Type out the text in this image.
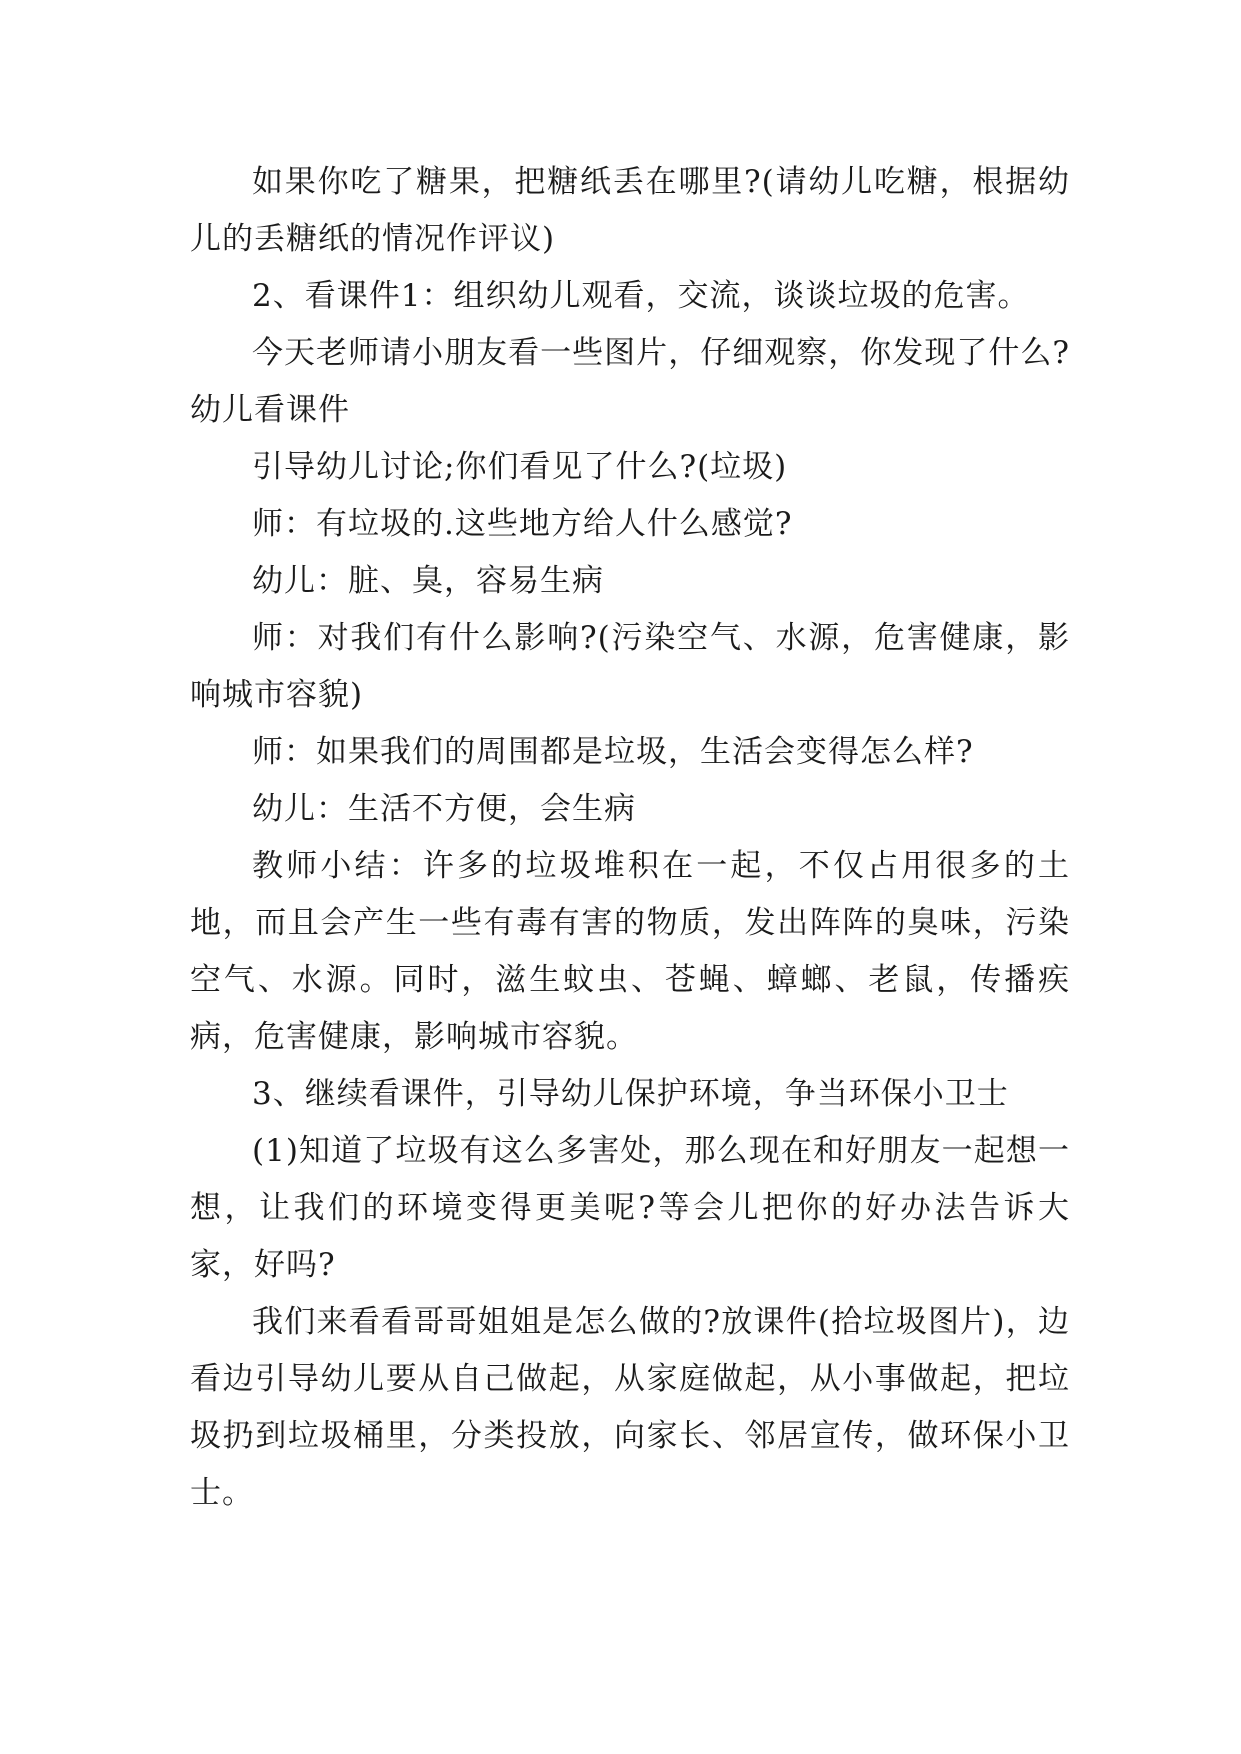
如果你吃了糖果，把糖纸丢在哪里?(请幼儿吃糖，根据幼儿的丢糖纸的情况作评议)

2、看课件1：组织幼儿观看，交流，谈谈垃圾的危害。

今天老师请小朋友看一些图片，仔细观察，你发现了什么?幼儿看课件

引导幼儿讨论;你们看见了什么?(垃圾)

师：有垃圾的.这些地方给人什么感觉?

幼儿：脏、臭，容易生病

师：对我们有什么影响?(污染空气、水源，危害健康，影响城市容貌)

师：如果我们的周围都是垃圾，生活会变得怎么样?

幼儿：生活不方便，会生病

教师小结：许多的垃圾堆积在一起，不仅占用很多的土地，而且会产生一些有毒有害的物质，发出阵阵的臭味，污染空气、水源。同时，滋生蚊虫、苍蝇、蟑螂、老鼠，传播疾病，危害健康，影响城市容貌。

3、继续看课件，引导幼儿保护环境，争当环保小卫士

(1)知道了垃圾有这么多害处，那么现在和好朋友一起想一想，让我们的环境变得更美呢?等会儿把你的好办法告诉大家，好吗?

我们来看看哥哥姐姐是怎么做的?放课件(拾垃圾图片)，边看边引导幼儿要从自己做起，从家庭做起，从小事做起，把垃圾扔到垃圾桶里，分类投放，向家长、邻居宣传，做环保小卫士。
